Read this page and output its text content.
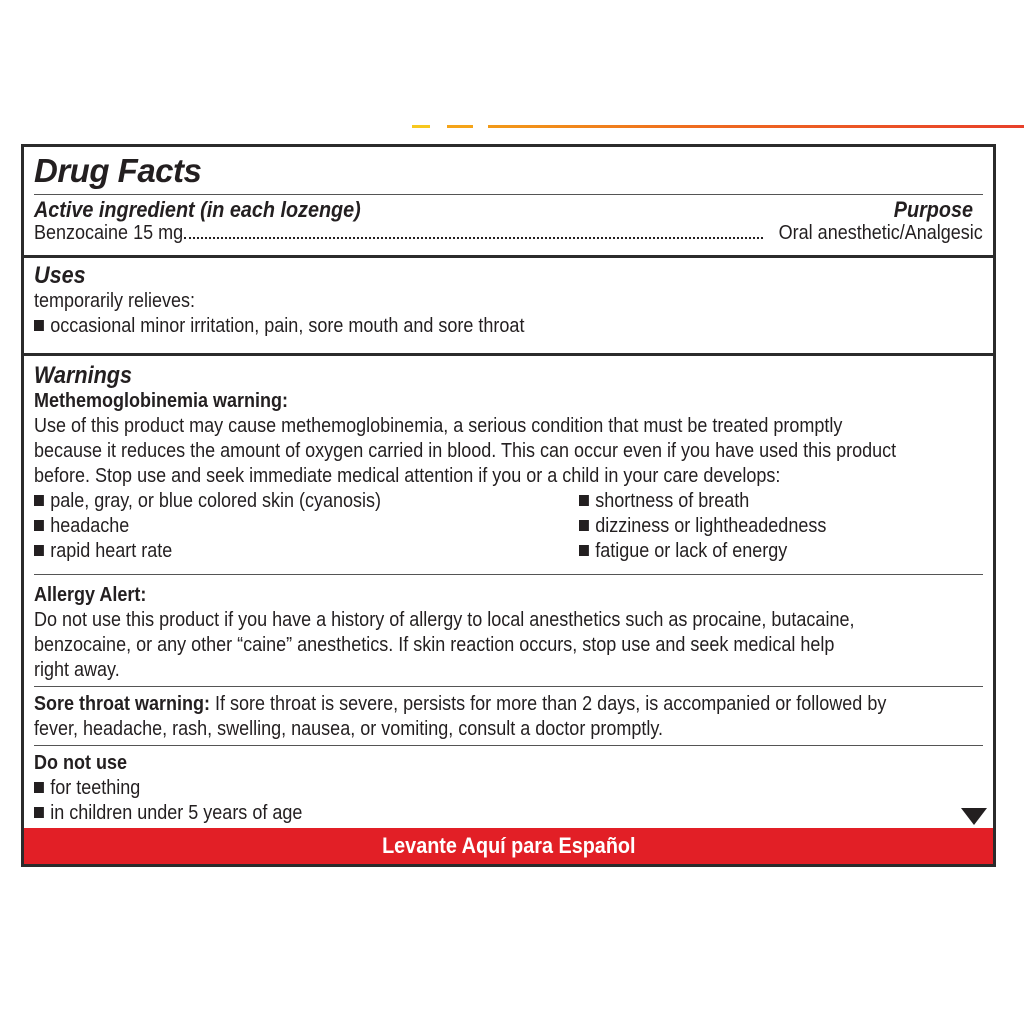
Drug Facts
Active ingredient (in each lozenge)	Purpose
Benzocaine 15 mg	Oral anesthetic/Analgesic
Uses
temporarily relieves:
occasional minor irritation, pain, sore mouth and sore throat
Warnings
Methemoglobinemia warning:
Use of this product may cause methemoglobinemia, a serious condition that must be treated promptly
because it reduces the amount of oxygen carried in blood. This can occur even if you have used this product
before. Stop use and seek immediate medical attention if you or a child in your care develops:
pale, gray, or blue colored skin (cyanosis)
headache
rapid heart rate
shortness of breath
dizziness or lightheadedness
fatigue or lack of energy
Allergy Alert:
Do not use this product if you have a history of allergy to local anesthetics such as procaine, butacaine,
benzocaine, or any other “caine” anesthetics. If skin reaction occurs, stop use and seek medical help
right away.
Sore throat warning: If sore throat is severe, persists for more than 2 days, is accompanied or followed by
fever, headache, rash, swelling, nausea, or vomiting, consult a doctor promptly.
Do not use
for teething
in children under 5 years of age
Levante Aquí para Español
